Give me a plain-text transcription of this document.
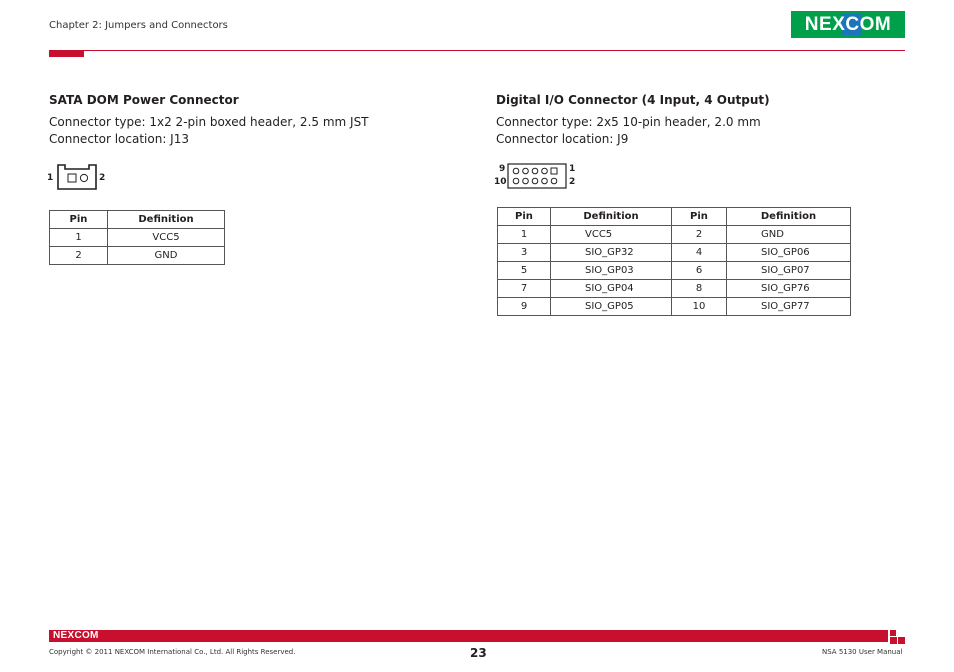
Chapter 2: Jumpers and Connectors	NEXCOM
SATA DOM Power Connector
Connector type: 1x2 2-pin boxed header, 2.5 mm JST
Connector location: J13
1	2
Pin	Definition
1	VCC5
2	GND
Digital I/O Connector (4 Input, 4 Output)
Connector type: 2x5 10-pin header, 2.0 mm
Connector location: J9
9
10
1
2
Pin	Definition	Pin	Definition
1	VCC5	2	GND
3	SIO_GP32	4	SIO_GP06
5	SIO_GP03	6	SIO_GP07
7	SIO_GP04	8	SIO_GP76
9	SIO_GP05	10	SIO_GP77
NEXCOM
Copyright © 2011 NEXCOM International Co., Ltd. All Rights Reserved.	23	NSA 5130 User Manual
